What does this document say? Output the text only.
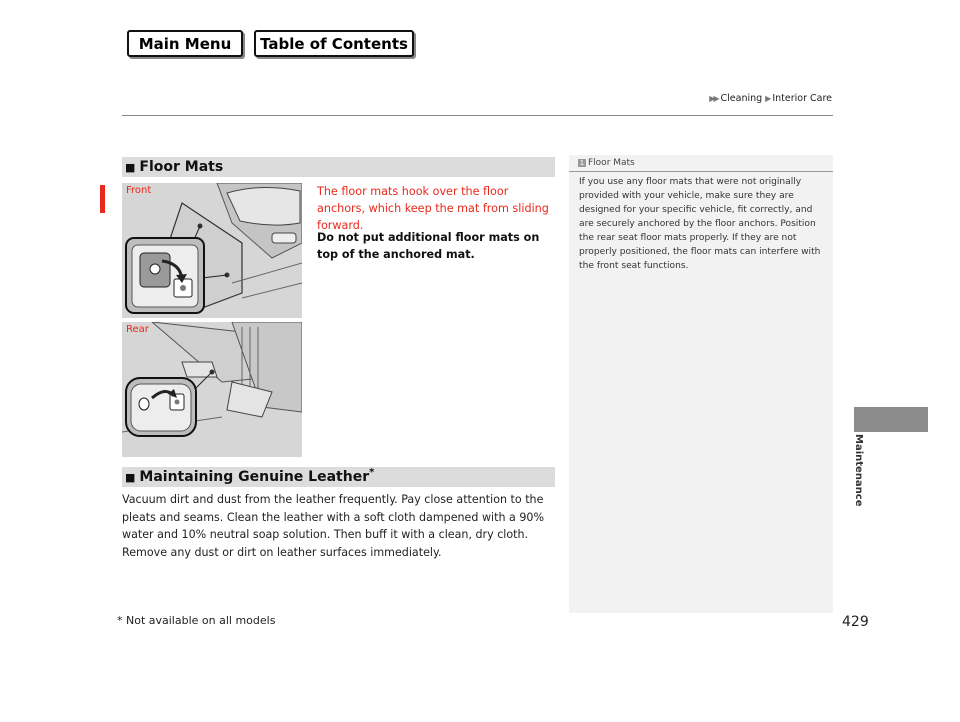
Main Menu	Table of Contents
▶▶ Cleaning ▶ Interior Care
■ Floor Mats
Front
Rear
The floor mats hook over the floor anchors, which keep the mat from sliding forward.
Do not put additional floor mats on top of the anchored mat.
■ Maintaining Genuine Leather *
Vacuum dirt and dust from the leather frequently. Pay close attention to the pleats and seams. Clean the leather with a soft cloth dampened with a 90% water and 10% neutral soap solution. Then buff it with a clean, dry cloth. Remove any dust or dirt on leather surfaces immediately.
1 Floor Mats
If you use any floor mats that were not originally provided with your vehicle, make sure they are designed for your specific vehicle, fit correctly, and are securely anchored by the floor anchors. Position the rear seat floor mats properly. If they are not properly positioned, the floor mats can interfere with the front seat functions.
Maintenance
* Not available on all models	429
